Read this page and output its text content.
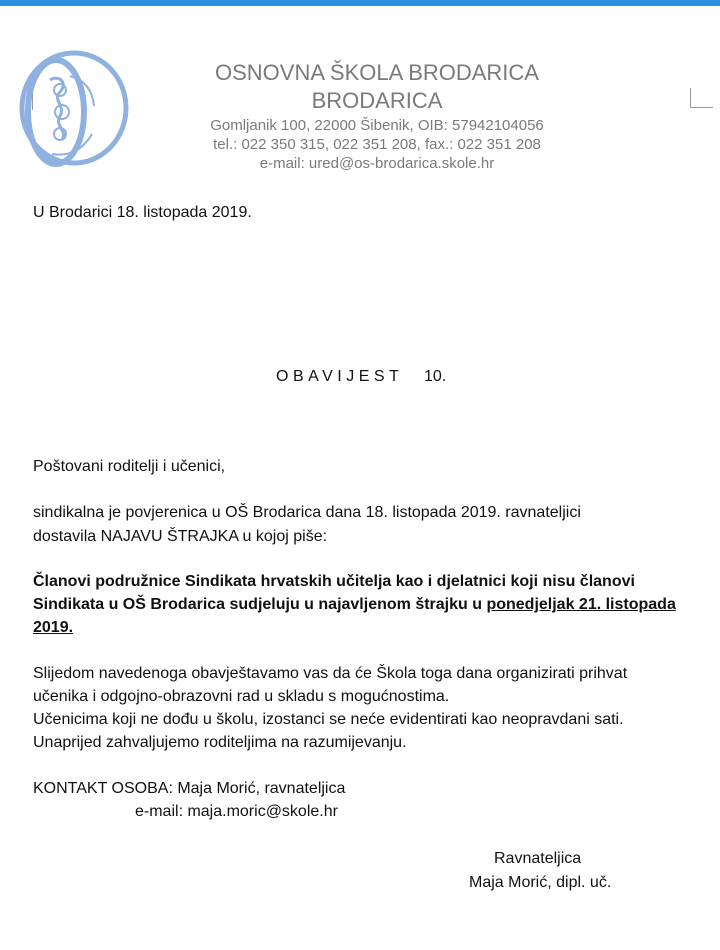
OSNOVNA ŠKOLA BRODARICA
BRODARICA
Gomljanik 100, 22000 Šibenik, OIB: 57942104056
tel.: 022 350 315, 022 351 208, fax.: 022 351 208
e-mail: ured@os-brodarica.skole.hr
U Brodarici 18. listopada 2019.
OBAVIJEST 10.
Poštovani roditelji i učenici,
sindikalna je povjerenica u OŠ Brodarica dana 18. listopada 2019. ravnateljici
dostavila NAJAVU ŠTRAJKA u kojoj piše:
Članovi podružnice Sindikata hrvatskih učitelja kao i djelatnici koji nisu članovi
Sindikata u OŠ Brodarica sudjeluju u najavljenom štrajku u ponedjeljak 21. listopada
2019.
Slijedom navedenoga obavještavamo vas da će Škola toga dana organizirati prihvat
učenika i odgojno-obrazovni rad u skladu s mogućnostima.
Učenicima koji ne dođu u školu, izostanci se neće evidentirati kao neopravdani sati.
Unaprijed zahvaljujemo roditeljima na razumijevanju.
KONTAKT OSOBA: Maja Morić, ravnateljica
e-mail: maja.moric@skole.hr
Ravnateljica
Maja Morić, dipl. uč.
